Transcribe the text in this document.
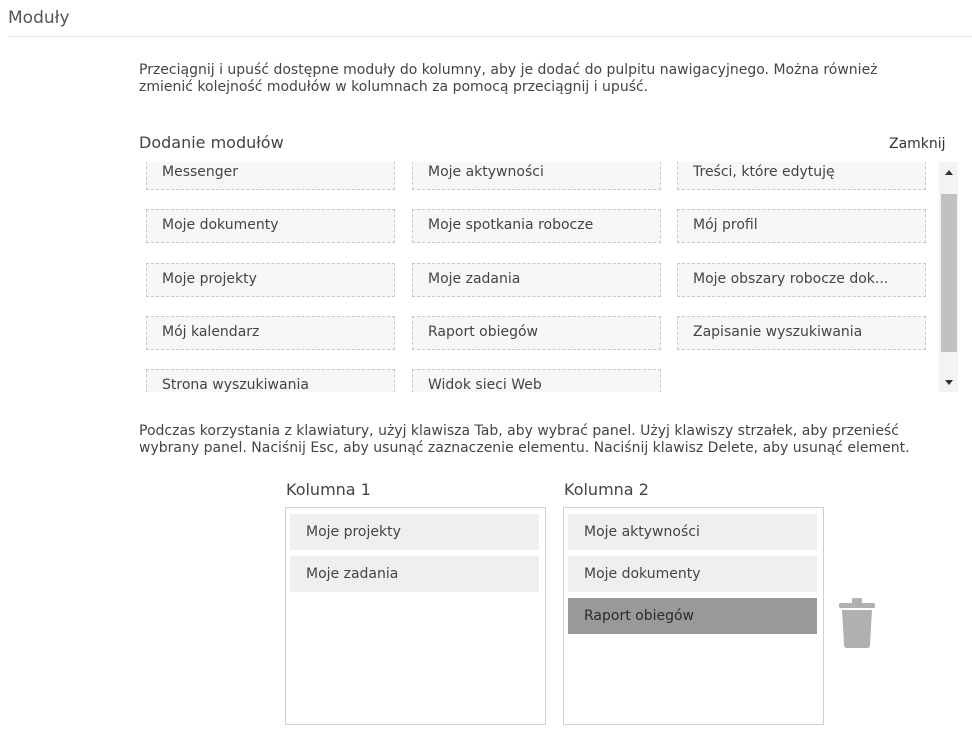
Moduły
Przeciągnij i upuść dostępne moduły do kolumny, aby je dodać do pulpitu nawigacyjnego. Można również zmienić kolejność modułów w kolumnach za pomocą przeciągnij i upuść.
Dodanie modułów	Zamknij
Messenger	Moje aktywności	Treści, które edytuję
Moje dokumenty	Moje spotkania robocze	Mój profil
Moje projekty	Moje zadania	Moje obszary robocze dok...
Mój kalendarz	Raport obiegów	Zapisanie wyszukiwania
Strona wyszukiwania	Widok sieci Web
Podczas korzystania z klawiatury, użyj klawisza Tab, aby wybrać panel. Użyj klawiszy strzałek, aby przenieść wybrany panel. Naciśnij Esc, aby usunąć zaznaczenie elementu. Naciśnij klawisz Delete, aby usunąć element.
Kolumna 1	Kolumna 2
Moje projekty
Moje zadania
Moje aktywności
Moje dokumenty
Raport obiegów
